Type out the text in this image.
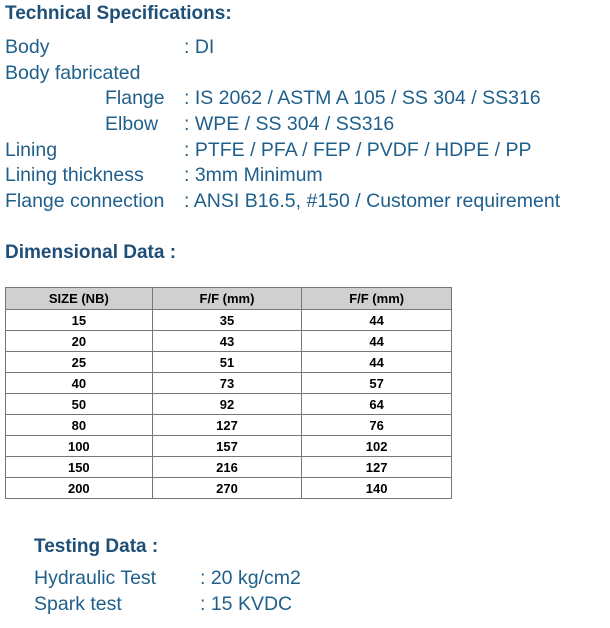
Technical Specifications:
Body	: DI
Body fabricated
Flange : IS 2062 / ASTM A 105 / SS 304 / SS316
Elbow : WPE / SS 304 / SS316
Lining	: PTFE / PFA / FEP / PVDF / HDPE / PP
Lining thickness : 3mm Minimum
Flange connection : ANSI B16.5, #150 / Customer requirement
Dimensional Data :
SIZE (NB)	F/F (mm)	F/F (mm)
15	35	44
20	43	44
25	51	44
40	73	57
50	92	64
80	127	76
100	157	102
150	216	127
200	270	140
Testing Data :
Hydraulic Test : 20 kg/cm2
Spark test	: 15 KVDC
